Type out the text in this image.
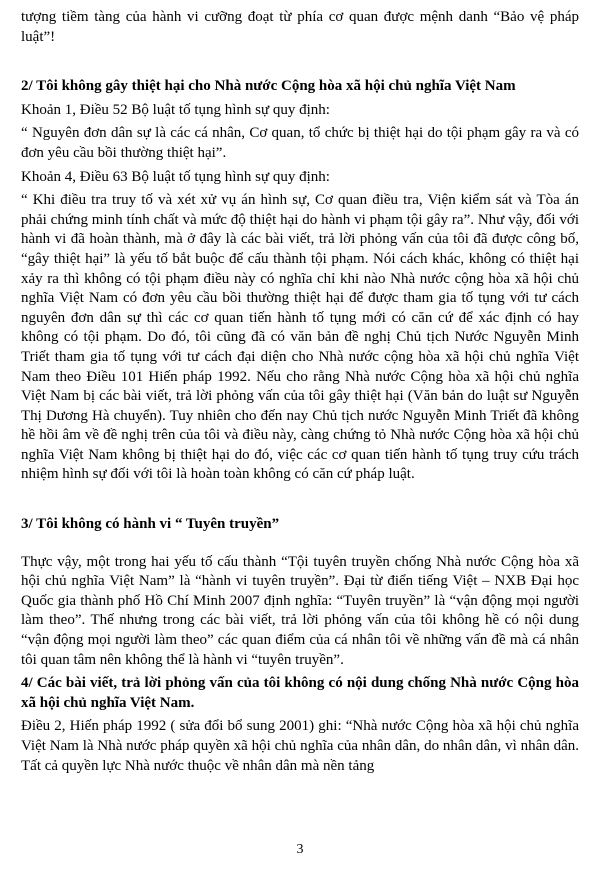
tượng tiềm tàng của hành vi cưỡng đoạt từ phía cơ quan được mệnh danh “Bảo vệ pháp luật”!

2/ Tôi không gây thiệt hại cho Nhà nước Cộng hòa xã hội chủ nghĩa Việt Nam

Khoản 1, Điều 52 Bộ luật tố tụng hình sự quy định:

“ Nguyên đơn dân sự là các cá nhân, Cơ quan, tổ chức bị thiệt hại do tội phạm gây ra và có đơn yêu cầu bồi thường thiệt hại”.

Khoản 4, Điều 63 Bộ luật tố tụng hình sự quy định:

“ Khi điều tra truy tố và xét xử vụ án hình sự, Cơ quan điều tra, Viện kiểm sát và Tòa án phải chứng minh tính chất và mức độ thiệt hại do hành vi phạm tội gây ra”. Như vậy, đối với hành vi đã hoàn thành, mà ở đây là các bài viết, trả lời phỏng vấn của tôi đã được công bố, “gây thiệt hại” là yếu tố bắt buộc để cấu thành tội phạm. Nói cách khác, không có thiệt hại xảy ra thì không có tội phạm điều này có nghĩa chỉ khi nào Nhà nước cộng hòa xã hội chủ nghĩa Việt Nam có đơn yêu cầu bồi thường thiệt hại để được tham gia tố tụng với tư cách nguyên đơn dân sự thì các cơ quan tiến hành tố tụng mới có căn cứ để xác định có hay không có tội phạm. Do đó, tôi cũng đã có văn bản đề nghị Chủ tịch Nước Nguyễn Minh Triết tham gia tố tụng với tư cách đại diện cho Nhà nước cộng hòa xã hội chủ nghĩa Việt Nam theo Điều 101 Hiến pháp 1992. Nếu cho rằng Nhà nước Cộng hòa xã hội chủ nghĩa Việt Nam bị các bài viết, trả lời phỏng vấn của tôi gây thiệt hại (Văn bản do luật sư Nguyễn Thị Dương Hà chuyển). Tuy nhiên cho đến nay Chủ tịch nước Nguyễn Minh Triết đã không hề hồi âm về đề nghị trên của tôi và điều này, càng chứng tỏ Nhà nước Cộng hòa xã hội chủ nghĩa Việt Nam không bị thiệt hại do đó, việc các cơ quan tiến hành tố tụng truy cứu trách nhiệm hình sự đối với tôi là hoàn toàn không có căn cứ pháp luật.

3/ Tôi không có hành vi “ Tuyên truyền”

Thực vậy, một trong hai yếu tố cấu thành “Tội tuyên truyền chống Nhà nước Cộng hòa xã hội chủ nghĩa Việt Nam” là “hành vi tuyên truyền”. Đại từ điển tiếng Việt – NXB Đại học Quốc gia thành phố Hồ Chí Minh 2007 định nghĩa: “Tuyên truyền” là “vận động mọi người làm theo”. Thế nhưng trong các bài viết, trả lời phỏng vấn của tôi không hề có nội dung “vận động mọi người làm theo” các quan điểm của cá nhân tôi về những vấn đề mà cá nhân tôi quan tâm nên không thể là hành vi “tuyên truyền”.

4/ Các bài viết, trả lời phỏng vấn của tôi không có nội dung chống Nhà nước Cộng hòa xã hội chủ nghĩa Việt Nam.

Điều 2, Hiến pháp 1992 ( sửa đổi bổ sung 2001) ghi: “Nhà nước Cộng hòa xã hội chủ nghĩa Việt Nam là Nhà nước pháp quyền xã hội chủ nghĩa của nhân dân, do nhân dân, vì nhân dân. Tất cả quyền lực Nhà nước thuộc về nhân dân mà nền tảng

3
